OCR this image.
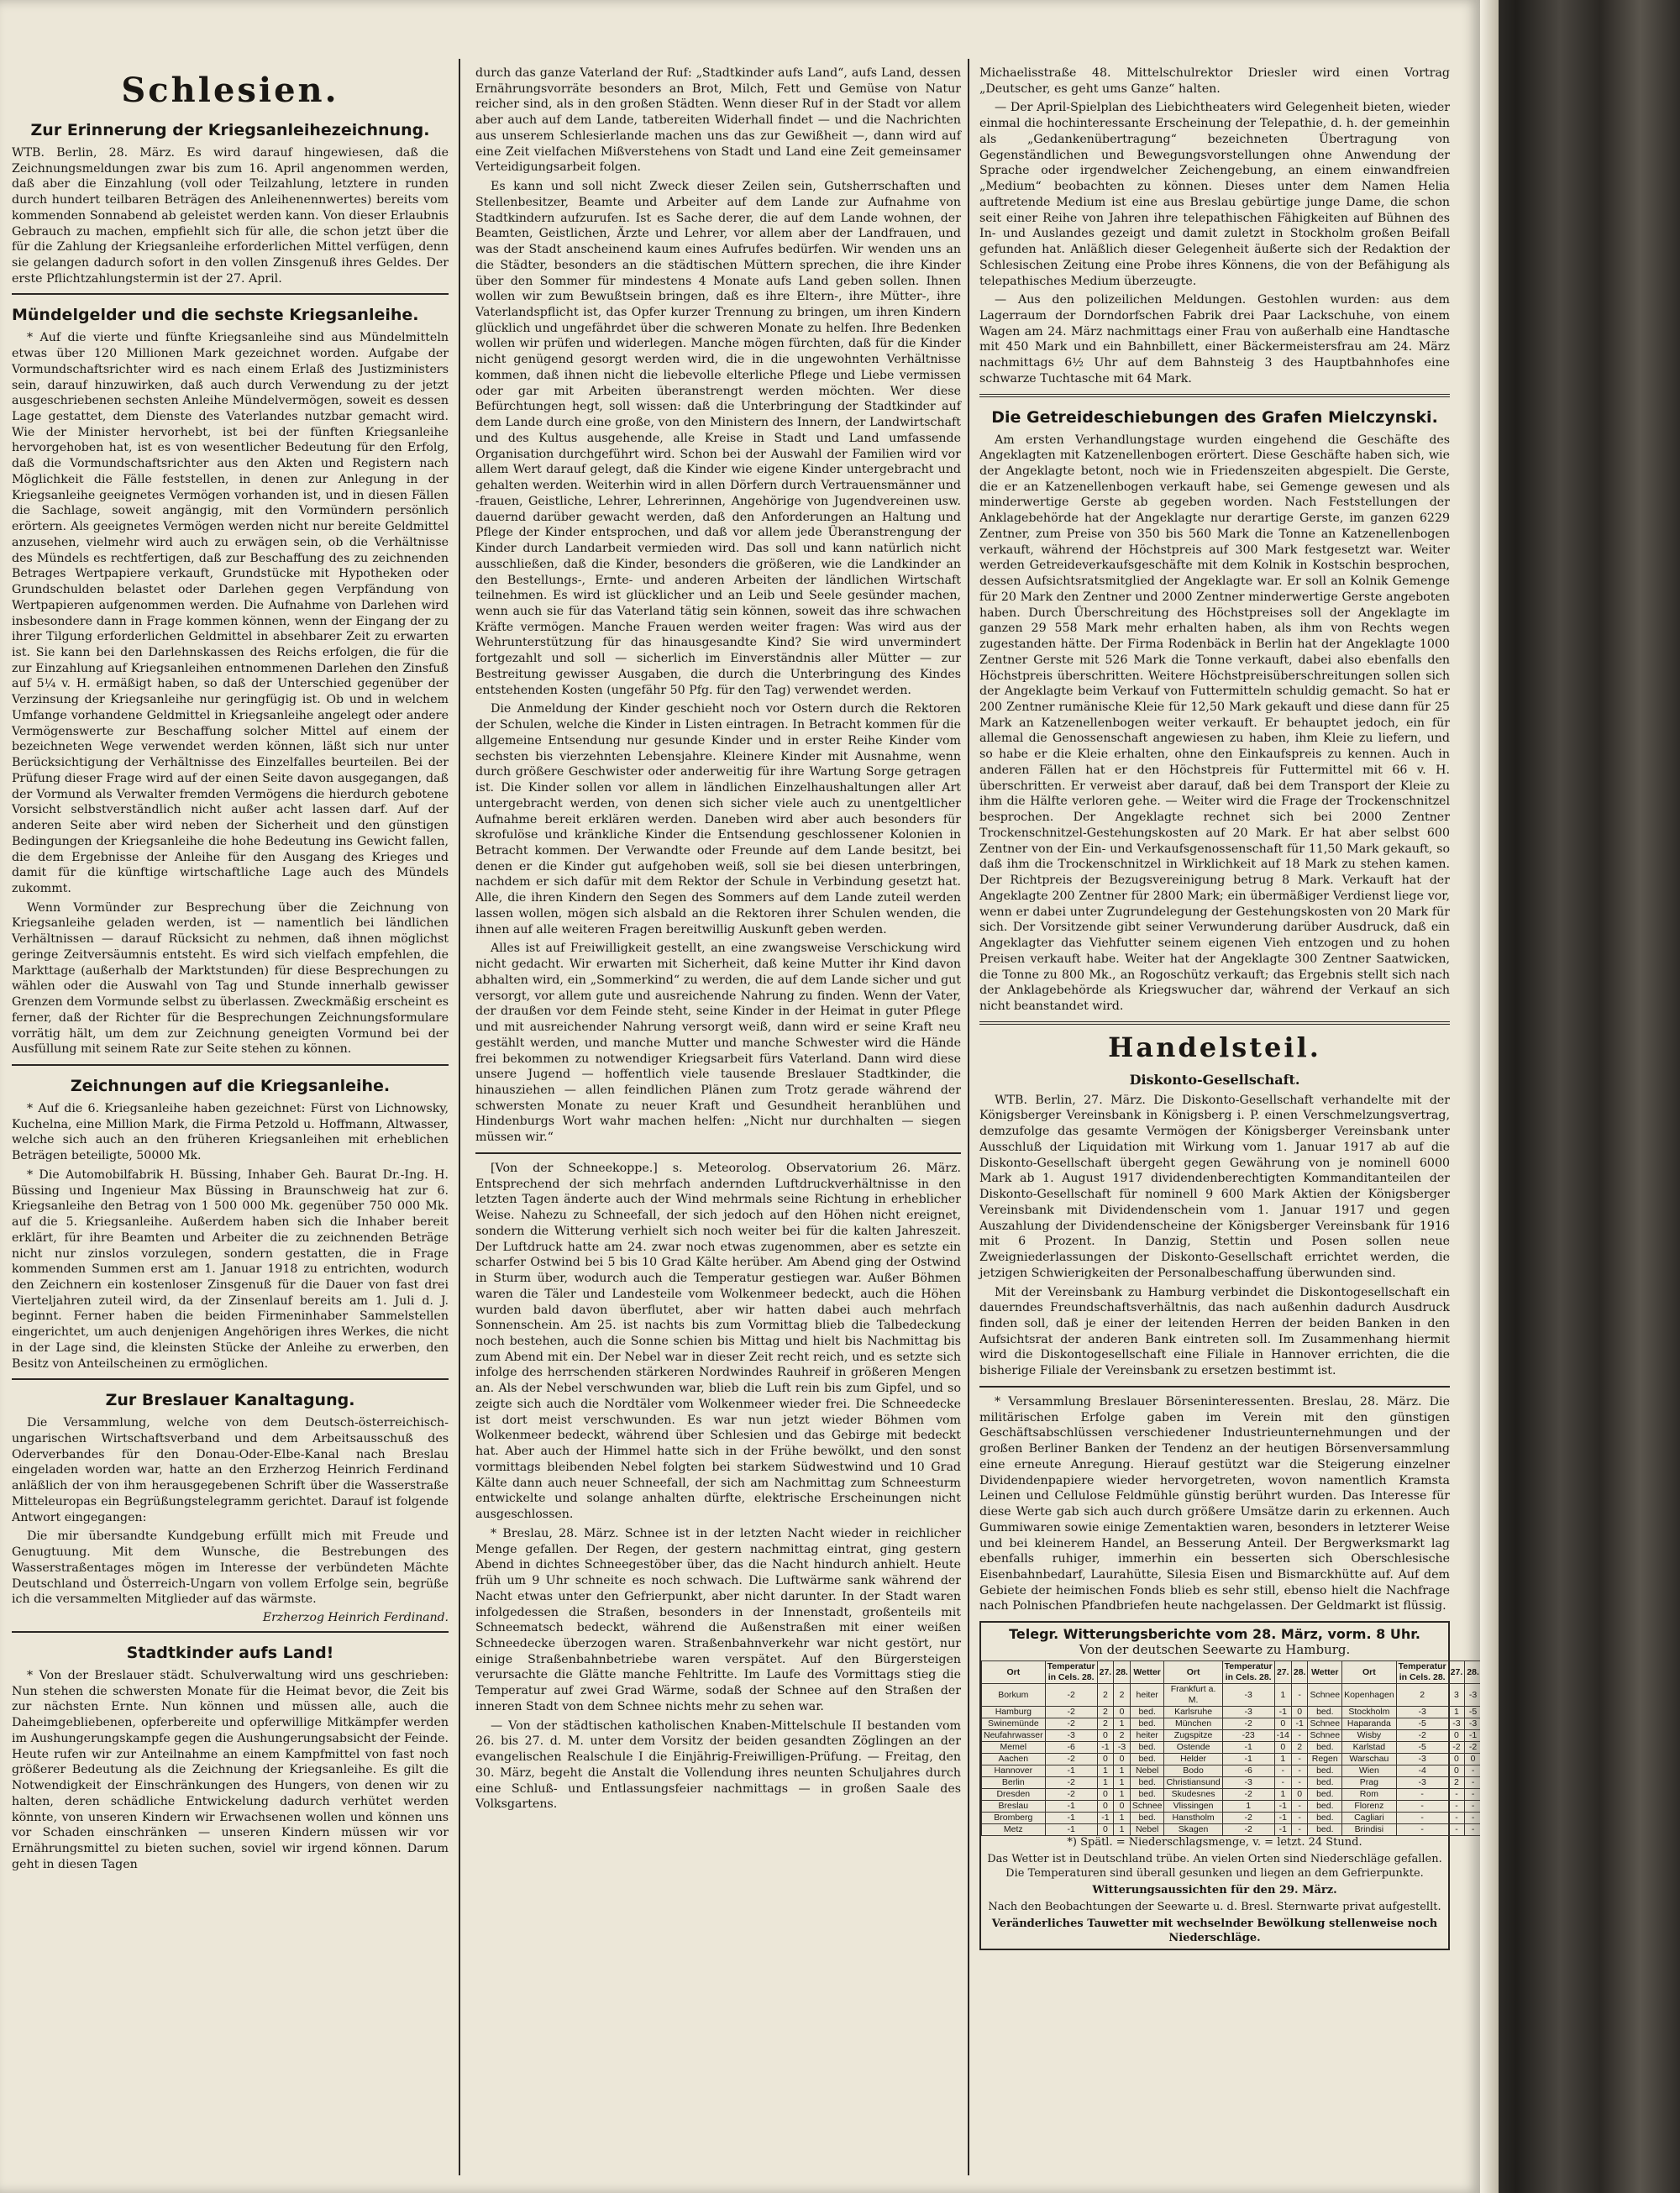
Schlesien.
Zur Erinnerung der Kriegsanleihezeichnung.

WTB. Berlin, 28. März. Es wird darauf hingewiesen, daß die Zeichnungsmeldungen zwar bis zum 16. April angenommen werden, daß aber die Einzahlung (voll oder Teilzahlung, letztere in runden durch hundert teilbaren Beträgen des Anleihenennwertes) bereits vom kommenden Sonnabend ab geleistet werden kann. Von dieser Erlaubnis Gebrauch zu machen, empfiehlt sich für alle, die schon jetzt über die für die Zahlung der Kriegsanleihe erforderlichen Mittel verfügen, denn sie gelangen dadurch sofort in den vollen Zinsgenuß ihres Geldes. Der erste Pflichtzahlungstermin ist der 27. April.

Mündelgelder und die sechste Kriegsanleihe.

* Auf die vierte und fünfte Kriegsanleihe sind aus Mündelmitteln etwas über 120 Millionen Mark gezeichnet worden. Aufgabe der Vormundschaftsrichter wird es nach einem Erlaß des Justizministers sein, darauf hinzuwirken, daß auch durch Verwendung zu der jetzt ausgeschriebenen sechsten Anleihe Mündelvermögen, soweit es dessen Lage gestattet, dem Dienste des Vaterlandes nutzbar gemacht wird. Wie der Minister hervorhebt, ist bei der fünften Kriegsanleihe hervorgehoben hat, ist es von wesentlicher Bedeutung für den Erfolg, daß die Vormundschaftsrichter aus den Akten und Registern nach Möglichkeit die Fälle feststellen, in denen zur Anlegung in der Kriegsanleihe geeignetes Vermögen vorhanden ist, und in diesen Fällen die Sachlage, soweit angängig, mit den Vormündern persönlich erörtern. Als geeignetes Vermögen werden nicht nur bereite Geldmittel anzusehen, vielmehr wird auch zu erwägen sein, ob die Verhältnisse des Mündels es rechtfertigen, daß zur Beschaffung des zu zeichnenden Betrages Wertpapiere verkauft, Grundstücke mit Hypotheken oder Grundschulden belastet oder Darlehen gegen Verpfändung von Wertpapieren aufgenommen werden. Die Aufnahme von Darlehen wird insbesondere dann in Frage kommen können, wenn der Eingang der zu ihrer Tilgung erforderlichen Geldmittel in absehbarer Zeit zu erwarten ist. Sie kann bei den Darlehnskassen des Reichs erfolgen, die für die zur Einzahlung auf Kriegsanleihen entnommenen Darlehen den Zinsfuß auf 5¼ v. H. ermäßigt haben, so daß der Unterschied gegenüber der Verzinsung der Kriegsanleihe nur geringfügig ist. Ob und in welchem Umfange vorhandene Geldmittel in Kriegsanleihe angelegt oder andere Vermögenswerte zur Beschaffung solcher Mittel auf einem der bezeichneten Wege verwendet werden können, läßt sich nur unter Berücksichtigung der Verhältnisse des Einzelfalles beurteilen. Bei der Prüfung dieser Frage wird auf der einen Seite davon ausgegangen, daß der Vormund als Verwalter fremden Vermögens die hierdurch gebotene Vorsicht selbstverständlich nicht außer acht lassen darf. Auf der anderen Seite aber wird neben der Sicherheit und den günstigen Bedingungen der Kriegsanleihe die hohe Bedeutung ins Gewicht fallen, die dem Ergebnisse der Anleihe für den Ausgang des Krieges und damit für die künftige wirtschaftliche Lage auch des Mündels zukommt.

Wenn Vormünder zur Besprechung über die Zeichnung von Kriegsanleihe geladen werden, ist — namentlich bei ländlichen Verhältnissen — darauf Rücksicht zu nehmen, daß ihnen möglichst geringe Zeitversäumnis entsteht. Es wird sich vielfach empfehlen, die Markttage (außerhalb der Marktstunden) für diese Besprechungen zu wählen oder die Auswahl von Tag und Stunde innerhalb gewisser Grenzen dem Vormunde selbst zu überlassen. Zweckmäßig erscheint es ferner, daß der Richter für die Besprechungen Zeichnungsformulare vorrätig hält, um dem zur Zeichnung geneigten Vormund bei der Ausfüllung mit seinem Rate zur Seite stehen zu können.

Zeichnungen auf die Kriegsanleihe.

* Auf die 6. Kriegsanleihe haben gezeichnet: Fürst von Lichnowsky, Kuchelna, eine Million Mark, die Firma Petzold u. Hoffmann, Altwasser, welche sich auch an den früheren Kriegsanleihen mit erheblichen Beträgen beteiligte, 50000 Mk.

* Die Automobilfabrik H. Büssing, Inhaber Geh. Baurat Dr.-Ing. H. Büssing und Ingenieur Max Büssing in Braunschweig hat zur 6. Kriegsanleihe den Betrag von 1 500 000 Mk. gegenüber 750 000 Mk. auf die 5. Kriegsanleihe. Außerdem haben sich die Inhaber bereit erklärt, für ihre Beamten und Arbeiter die zu zeichnenden Beträge nicht nur zinslos vorzulegen, sondern gestatten, die in Frage kommenden Summen erst am 1. Januar 1918 zu entrichten, wodurch den Zeichnern ein kostenloser Zinsgenuß für die Dauer von fast drei Vierteljahren zuteil wird, da der Zinsenlauf bereits am 1. Juli d. J. beginnt. Ferner haben die beiden Firmeninhaber Sammelstellen eingerichtet, um auch denjenigen Angehörigen ihres Werkes, die nicht in der Lage sind, die kleinsten Stücke der Anleihe zu erwerben, den Besitz von Anteilscheinen zu ermöglichen.

Zur Breslauer Kanaltagung.

Die Versammlung, welche von dem Deutsch-österreichisch-ungarischen Wirtschaftsverband und dem Arbeitsausschuß des Oderverbandes für den Donau-Oder-Elbe-Kanal nach Breslau eingeladen worden war, hatte an den Erzherzog Heinrich Ferdinand anläßlich der von ihm herausgegebenen Schrift über die Wasserstraße Mitteleuropas ein Begrüßungstelegramm gerichtet. Darauf ist folgende Antwort eingegangen:

Die mir übersandte Kundgebung erfüllt mich mit Freude und Genugtuung. Mit dem Wunsche, die Bestrebungen des Wasserstraßentages mögen im Interesse der verbündeten Mächte Deutschland und Österreich-Ungarn von vollem Erfolge sein, begrüße ich die versammelten Mitglieder auf das wärmste.

Erzherzog Heinrich Ferdinand.
Stadtkinder aufs Land!

* Von der Breslauer städt. Schulverwaltung wird uns geschrieben: Nun stehen die schwersten Monate für die Heimat bevor, die Zeit bis zur nächsten Ernte. Nun können und müssen alle, auch die Daheimgebliebenen, opferbereite und opferwillige Mitkämpfer werden im Aushungerungskampfe gegen die Aushungerungsabsicht der Feinde. Heute rufen wir zur Anteilnahme an einem Kampfmittel von fast noch größerer Bedeutung als die Zeichnung der Kriegsanleihe. Es gilt die Notwendigkeit der Einschränkungen des Hungers, von denen wir zu halten, deren schädliche Entwickelung dadurch verhütet werden könnte, von unseren Kindern wir Erwachsenen wollen und können uns vor Schaden einschränken — unseren Kindern müssen wir vor Ernährungsmittel zu bieten suchen, soviel wir irgend können. Darum geht in diesen Tagen

durch das ganze Vaterland der Ruf: „Stadtkinder aufs Land“, aufs Land, dessen Ernährungsvorräte besonders an Brot, Milch, Fett und Gemüse von Natur reicher sind, als in den großen Städten. Wenn dieser Ruf in der Stadt vor allem aber auch auf dem Lande, tatbereiten Widerhall findet — und die Nachrichten aus unserem Schlesierlande machen uns das zur Gewißheit —, dann wird auf eine Zeit vielfachen Mißverstehens von Stadt und Land eine Zeit gemeinsamer Verteidigungsarbeit folgen.

Es kann und soll nicht Zweck dieser Zeilen sein, Gutsherrschaften und Stellenbesitzer, Beamte und Arbeiter auf dem Lande zur Aufnahme von Stadtkindern aufzurufen. Ist es Sache derer, die auf dem Lande wohnen, der Beamten, Geistlichen, Ärzte und Lehrer, vor allem aber der Landfrauen, und was der Stadt anscheinend kaum eines Aufrufes bedürfen. Wir wenden uns an die Städter, besonders an die städtischen Müttern sprechen, die ihre Kinder über den Sommer für mindestens 4 Monate aufs Land geben sollen. Ihnen wollen wir zum Bewußtsein bringen, daß es ihre Eltern-, ihre Mütter-, ihre Vaterlandspflicht ist, das Opfer kurzer Trennung zu bringen, um ihren Kindern glücklich und ungefährdet über die schweren Monate zu helfen. Ihre Bedenken wollen wir prüfen und widerlegen. Manche mögen fürchten, daß für die Kinder nicht genügend gesorgt werden wird, die in die ungewohnten Verhältnisse kommen, daß ihnen nicht die liebevolle elterliche Pflege und Liebe vermissen oder gar mit Arbeiten überanstrengt werden möchten. Wer diese Befürchtungen hegt, soll wissen: daß die Unterbringung der Stadtkinder auf dem Lande durch eine große, von den Ministern des Innern, der Landwirtschaft und des Kultus ausgehende, alle Kreise in Stadt und Land umfassende Organisation durchgeführt wird. Schon bei der Auswahl der Familien wird vor allem Wert darauf gelegt, daß die Kinder wie eigene Kinder untergebracht und gehalten werden. Weiterhin wird in allen Dörfern durch Vertrauensmänner und -frauen, Geistliche, Lehrer, Lehrerinnen, Angehörige von Jugendvereinen usw. dauernd darüber gewacht werden, daß den Anforderungen an Haltung und Pflege der Kinder entsprochen, und daß vor allem jede Überanstrengung der Kinder durch Landarbeit vermieden wird. Das soll und kann natürlich nicht ausschließen, daß die Kinder, besonders die größeren, wie die Landkinder an den Bestellungs-, Ernte- und anderen Arbeiten der ländlichen Wirtschaft teilnehmen. Es wird ist glücklicher und an Leib und Seele gesünder machen, wenn auch sie für das Vaterland tätig sein können, soweit das ihre schwachen Kräfte vermögen. Manche Frauen werden weiter fragen: Was wird aus der Wehrunterstützung für das hinausgesandte Kind? Sie wird unvermindert fortgezahlt und soll — sicherlich im Einverständnis aller Mütter — zur Bestreitung gewisser Ausgaben, die durch die Unterbringung des Kindes entstehenden Kosten (ungefähr 50 Pfg. für den Tag) verwendet werden.

Die Anmeldung der Kinder geschieht noch vor Ostern durch die Rektoren der Schulen, welche die Kinder in Listen eintragen. In Betracht kommen für die allgemeine Entsendung nur gesunde Kinder und in erster Reihe Kinder vom sechsten bis vierzehnten Lebensjahre. Kleinere Kinder mit Ausnahme, wenn durch größere Geschwister oder anderweitig für ihre Wartung Sorge getragen ist. Die Kinder sollen vor allem in ländlichen Einzelhaushaltungen aller Art untergebracht werden, von denen sich sicher viele auch zu unentgeltlicher Aufnahme bereit erklären werden. Daneben wird aber auch besonders für skrofulöse und kränkliche Kinder die Entsendung geschlossener Kolonien in Betracht kommen. Der Verwandte oder Freunde auf dem Lande besitzt, bei denen er die Kinder gut aufgehoben weiß, soll sie bei diesen unterbringen, nachdem er sich dafür mit dem Rektor der Schule in Verbindung gesetzt hat. Alle, die ihren Kindern den Segen des Sommers auf dem Lande zuteil werden lassen wollen, mögen sich alsbald an die Rektoren ihrer Schulen wenden, die ihnen auf alle weiteren Fragen bereitwillig Auskunft geben werden.

Alles ist auf Freiwilligkeit gestellt, an eine zwangsweise Verschickung wird nicht gedacht. Wir erwarten mit Sicherheit, daß keine Mutter ihr Kind davon abhalten wird, ein „Sommerkind“ zu werden, die auf dem Lande sicher und gut versorgt, vor allem gute und ausreichende Nahrung zu finden. Wenn der Vater, der draußen vor dem Feinde steht, seine Kinder in der Heimat in guter Pflege und mit ausreichender Nahrung versorgt weiß, dann wird er seine Kraft neu gestählt werden, und manche Mutter und manche Schwester wird die Hände frei bekommen zu notwendiger Kriegsarbeit fürs Vaterland. Dann wird diese unsere Jugend — hoffentlich viele tausende Breslauer Stadtkinder, die hinausziehen — allen feindlichen Plänen zum Trotz gerade während der schwersten Monate zu neuer Kraft und Gesundheit heranblühen und Hindenburgs Wort wahr machen helfen: „Nicht nur durchhalten — siegen müssen wir.“

[Von der Schneekoppe.] s. Meteorolog. Observatorium 26. März. Entsprechend der sich mehrfach andernden Luftdruckverhältnisse in den letzten Tagen änderte auch der Wind mehrmals seine Richtung in erheblicher Weise. Nahezu zu Schneefall, der sich jedoch auf den Höhen nicht ereignet, sondern die Witterung verhielt sich noch weiter bei für die kalten Jahreszeit. Der Luftdruck hatte am 24. zwar noch etwas zugenommen, aber es setzte ein scharfer Ostwind bei 5 bis 10 Grad Kälte herüber. Am Abend ging der Ostwind in Sturm über, wodurch auch die Temperatur gestiegen war. Außer Böhmen waren die Täler und Landesteile vom Wolkenmeer bedeckt, auch die Höhen wurden bald davon überflutet, aber wir hatten dabei auch mehrfach Sonnenschein. Am 25. ist nachts bis zum Vormittag blieb die Talbedeckung noch bestehen, auch die Sonne schien bis Mittag und hielt bis Nachmittag bis zum Abend mit ein. Der Nebel war in dieser Zeit recht reich, und es setzte sich infolge des herrschenden stärkeren Nordwindes Rauhreif in größeren Mengen an. Als der Nebel verschwunden war, blieb die Luft rein bis zum Gipfel, und so zeigte sich auch die Nordtäler vom Wolkenmeer wieder frei. Die Schneedecke ist dort meist verschwunden. Es war nun jetzt wieder Böhmen vom Wolkenmeer bedeckt, während über Schlesien und das Gebirge mit bedeckt hat. Aber auch der Himmel hatte sich in der Frühe bewölkt, und den sonst vormittags bleibenden Nebel folgten bei starkem Südwestwind und 10 Grad Kälte dann auch neuer Schneefall, der sich am Nachmittag zum Schneesturm entwickelte und solange anhalten dürfte, elektrische Erscheinungen nicht ausgeschlossen.

* Breslau, 28. März. Schnee ist in der letzten Nacht wieder in reichlicher Menge gefallen. Der Regen, der gestern nachmittag eintrat, ging gestern Abend in dichtes Schneegestöber über, das die Nacht hindurch anhielt. Heute früh um 9 Uhr schneite es noch schwach. Die Luftwärme sank während der Nacht etwas unter den Gefrierpunkt, aber nicht darunter. In der Stadt waren infolgedessen die Straßen, besonders in der Innenstadt, großenteils mit Schneematsch bedeckt, während die Außenstraßen mit einer weißen Schneedecke überzogen waren. Straßenbahnverkehr war nicht gestört, nur einige Straßenbahnbetriebe waren verspätet. Auf den Bürgersteigen verursachte die Glätte manche Fehltritte. Im Laufe des Vormittags stieg die Temperatur auf zwei Grad Wärme, sodaß der Schnee auf den Straßen der inneren Stadt von dem Schnee nichts mehr zu sehen war.

— Von der städtischen katholischen Knaben-Mittelschule II bestanden vom 26. bis 27. d. M. unter dem Vorsitz der beiden gesandten Zöglingen an der evangelischen Realschule I die Einjährig-Freiwilligen-Prüfung. — Freitag, den 30. März, begeht die Anstalt die Vollendung ihres neunten Schuljahres durch eine Schluß- und Entlassungsfeier nachmittags — in großen Saale des Volksgartens.

Michaelisstraße 48. Mittelschulrektor Driesler wird einen Vortrag „Deutscher, es geht ums Ganze“ halten.

— Der April-Spielplan des Liebichtheaters wird Gelegenheit bieten, wieder einmal die hochinteressante Erscheinung der Telepathie, d. h. der gemeinhin als „Gedankenübertragung“ bezeichneten Übertragung von Gegenständlichen und Bewegungsvorstellungen ohne Anwendung der Sprache oder irgendwelcher Zeichengebung, an einem einwandfreien „Medium“ beobachten zu können. Dieses unter dem Namen Helia auftretende Medium ist eine aus Breslau gebürtige junge Dame, die schon seit einer Reihe von Jahren ihre telepathischen Fähigkeiten auf Bühnen des In- und Auslandes gezeigt und damit zuletzt in Stockholm großen Beifall gefunden hat. Anläßlich dieser Gelegenheit äußerte sich der Redaktion der Schlesischen Zeitung eine Probe ihres Könnens, die von der Befähigung als telepathisches Medium überzeugte.

— Aus den polizeilichen Meldungen. Gestohlen wurden: aus dem Lagerraum der Dorndorfschen Fabrik drei Paar Lackschuhe, von einem Wagen am 24. März nachmittags einer Frau von außerhalb eine Handtasche mit 450 Mark und ein Bahnbillett, einer Bäckermeistersfrau am 24. März nachmittags 6½ Uhr auf dem Bahnsteig 3 des Hauptbahnhofes eine schwarze Tuchtasche mit 64 Mark.

Die Getreideschiebungen des Grafen Mielczynski.

Am ersten Verhandlungstage wurden eingehend die Geschäfte des Angeklagten mit Katzenellenbogen erörtert. Diese Geschäfte haben sich, wie der Angeklagte betont, noch wie in Friedenszeiten abgespielt. Die Gerste, die er an Katzenellenbogen verkauft habe, sei Gemenge gewesen und als minderwertige Gerste ab gegeben worden. Nach Feststellungen der Anklagebehörde hat der Angeklagte nur derartige Gerste, im ganzen 6229 Zentner, zum Preise von 350 bis 560 Mark die Tonne an Katzenellenbogen verkauft, während der Höchstpreis auf 300 Mark festgesetzt war. Weiter werden Getreideverkaufsgeschäfte mit dem Kolnik in Kostschin besprochen, dessen Aufsichtsratsmitglied der Angeklagte war. Er soll an Kolnik Gemenge für 20 Mark den Zentner und 2000 Zentner minderwertige Gerste angeboten haben. Durch Überschreitung des Höchstpreises soll der Angeklagte im ganzen 29 558 Mark mehr erhalten haben, als ihm von Rechts wegen zugestanden hätte. Der Firma Rodenbäck in Berlin hat der Angeklagte 1000 Zentner Gerste mit 526 Mark die Tonne verkauft, dabei also ebenfalls den Höchstpreis überschritten. Weitere Höchstpreisüberschreitungen sollen sich der Angeklagte beim Verkauf von Futtermitteln schuldig gemacht. So hat er 200 Zentner rumänische Kleie für 12,50 Mark gekauft und diese dann für 25 Mark an Katzenellenbogen weiter verkauft. Er behauptet jedoch, ein für allemal die Genossenschaft angewiesen zu haben, ihm Kleie zu liefern, und so habe er die Kleie erhalten, ohne den Einkaufspreis zu kennen. Auch in anderen Fällen hat er den Höchstpreis für Futtermittel mit 66 v. H. überschritten. Er verweist aber darauf, daß bei dem Transport der Kleie zu ihm die Hälfte verloren gehe. — Weiter wird die Frage der Trockenschnitzel besprochen. Der Angeklagte rechnet sich bei 2000 Zentner Trockenschnitzel-Gestehungskosten auf 20 Mark. Er hat aber selbst 600 Zentner von der Ein- und Verkaufsgenossenschaft für 11,50 Mark gekauft, so daß ihm die Trockenschnitzel in Wirklichkeit auf 18 Mark zu stehen kamen. Der Richtpreis der Bezugsvereinigung betrug 8 Mark. Verkauft hat der Angeklagte 200 Zentner für 2800 Mark; ein übermäßiger Verdienst liege vor, wenn er dabei unter Zugrundelegung der Gestehungskosten von 20 Mark für sich. Der Vorsitzende gibt seiner Verwunderung darüber Ausdruck, daß ein Angeklagter das Viehfutter seinem eigenen Vieh entzogen und zu hohen Preisen verkauft habe. Weiter hat der Angeklagte 300 Zentner Saatwicken, die Tonne zu 800 Mk., an Rogoschütz verkauft; das Ergebnis stellt sich nach der Anklagebehörde als Kriegswucher dar, während der Verkauf an sich nicht beanstandet wird.

Handelsteil.
Diskonto-Gesellschaft.

WTB. Berlin, 27. März. Die Diskonto-Gesellschaft verhandelte mit der Königsberger Vereinsbank in Königsberg i. P. einen Verschmelzungsvertrag, demzufolge das gesamte Vermögen der Königsberger Vereinsbank unter Ausschluß der Liquidation mit Wirkung vom 1. Januar 1917 ab auf die Diskonto-Gesellschaft übergeht gegen Gewährung von je nominell 6000 Mark ab 1. August 1917 dividendenberechtigten Kommanditanteilen der Diskonto-Gesellschaft für nominell 9 600 Mark Aktien der Königsberger Vereinsbank mit Dividendenschein vom 1. Januar 1917 und gegen Auszahlung der Dividendenscheine der Königsberger Vereinsbank für 1916 mit 6 Prozent. In Danzig, Stettin und Posen sollen neue Zweigniederlassungen der Diskonto-Gesellschaft errichtet werden, die jetzigen Schwierigkeiten der Personalbeschaffung überwunden sind.

Mit der Vereinsbank zu Hamburg verbindet die Diskontogesellschaft ein dauerndes Freundschaftsverhältnis, das nach außenhin dadurch Ausdruck finden soll, daß je einer der leitenden Herren der beiden Banken in den Aufsichtsrat der anderen Bank eintreten soll. Im Zusammenhang hiermit wird die Diskontogesellschaft eine Filiale in Hannover errichten, die die bisherige Filiale der Vereinsbank zu ersetzen bestimmt ist.

* Versammlung Breslauer Börseninteressenten. Breslau, 28. März. Die militärischen Erfolge gaben im Verein mit den günstigen Geschäftsabschlüssen verschiedener Industrieunternehmungen und der großen Berliner Banken der Tendenz an der heutigen Börsenversammlung eine erneute Anregung. Hierauf gestützt war die Steigerung einzelner Dividendenpapiere wieder hervorgetreten, wovon namentlich Kramsta Leinen und Cellulose Feldmühle günstig berührt wurden. Das Interesse für diese Werte gab sich auch durch größere Umsätze darin zu erkennen. Auch Gummiwaren sowie einige Zementaktien waren, besonders in letzterer Weise und bei kleinerem Handel, an Besserung Anteil. Der Bergwerksmarkt lag ebenfalls ruhiger, immerhin ein besserten sich Oberschlesische Eisenbahnbedarf, Laurahütte, Silesia Eisen und Bismarckhütte auf. Auf dem Gebiete der heimischen Fonds blieb es sehr still, ebenso hielt die Nachfrage nach Polnischen Pfandbriefen heute nachgelassen. Der Geldmarkt ist flüssig.

Telegr. Witterungsberichte vom 28. März, vorm. 8 Uhr.
Von der deutschen Seewarte zu Hamburg.
Ort	Temperatur in Cels. 28.	27.	28.	Wetter	Ort	Temperatur in Cels. 28.	27.	28.	Wetter	Ort	Temperatur in Cels. 28.	27.	28.	
Borkum	-2	2	2	heiter	Frankfurt a. M.	-3	1	-	Schnee	Kopenhagen	2	3	-3	
Hamburg	-2	2	0	bed.	Karlsruhe	-3	-1	0	bed.	Stockholm	-3	1	-5	
Swinemünde	-2	2	1	bed.	München	-2	0	-1	Schnee	Haparanda	-5	-3	-3	
Neufahrwasser	-3	0	2	heiter	Zugspitze	-23	-14	-	Schnee	Wisby	-2	0	-1	
Memel	-6	-1	-3	bed.	Ostende	-1	0	2	bed.	Karlstad	-5	-2	-2	
Aachen	-2	0	0	bed.	Helder	-1	1	-	Regen	Warschau	-3	0	0	
Hannover	-1	1	1	Nebel	Bodo	-6	-	-	bed.	Wien	-4	0	-	
Berlin	-2	1	1	bed.	Christiansund	-3	-	-	bed.	Prag	-3	2	-	
Dresden	-2	0	1	bed.	Skudesnes	-2	1	0	bed.	Rom	-	-	-	
Breslau	-1	0	0	Schnee	Vlissingen	1	-1	-	bed.	Florenz	-	-	-	
Bromberg	-1	-1	1	bed.	Hanstholm	-2	-1	-	bed.	Cagliari	-	-	-	
Metz	-1	0	1	Nebel	Skagen	-2	-1	-	bed.	Brindisi	-	-	-	

*) Spätl. = Niederschlagsmenge, v. = letzt. 24 Stund.

Das Wetter ist in Deutschland trübe. An vielen Orten sind Niederschläge gefallen. Die Temperaturen sind überall gesunken und liegen an dem Gefrierpunkte.

Witterungsaussichten für den 29. März.

Nach den Beobachtungen der Seewarte u. d. Bresl. Sternwarte privat aufgestellt.

Veränderliches Tauwetter mit wechselnder Bewölkung stellenweise noch Niederschläge.
